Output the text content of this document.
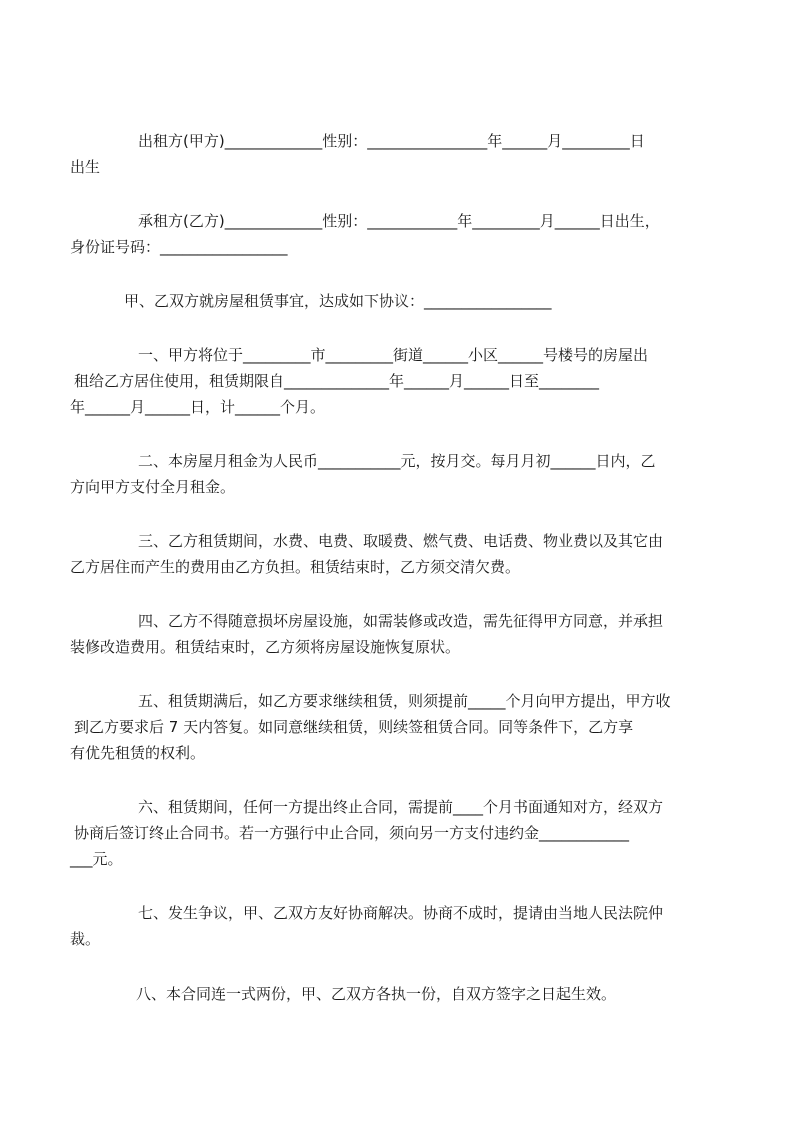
出租方(甲方)_____________性别：________________年______月_________日
出生
承租方(乙方)_____________性别：____________年_________月______日出生，
身份证号码：_________________
甲、乙双方就房屋租赁事宜，达成如下协议：_________________
一、甲方将位于_________市_________街道______小区______号楼号的房屋出
租给乙方居住使用，租赁期限自______________年______月______日至________
年______月______日，计______个月。
二、本房屋月租金为人民币___________元，按月交。每月月初______日内，乙
方向甲方支付全月租金。
三、乙方租赁期间，水费、电费、取暖费、燃气费、电话费、物业费以及其它由
乙方居住而产生的费用由乙方负担。租赁结束时，乙方须交清欠费。
四、乙方不得随意损坏房屋设施，如需装修或改造，需先征得甲方同意，并承担
装修改造费用。租赁结束时，乙方须将房屋设施恢复原状。
五、租赁期满后，如乙方要求继续租赁，则须提前_____个月向甲方提出，甲方收
到乙方要求后 7 天内答复。如同意继续租赁，则续签租赁合同。同等条件下，乙方享
有优先租赁的权利。
六、租赁期间，任何一方提出终止合同，需提前____个月书面通知对方，经双方
协商后签订终止合同书。若一方强行中止合同，须向另一方支付违约金____________
___元。
七、发生争议，甲、乙双方友好协商解决。协商不成时，提请由当地人民法院仲
裁。
八、本合同连一式两份，甲、乙双方各执一份，自双方签字之日起生效。
